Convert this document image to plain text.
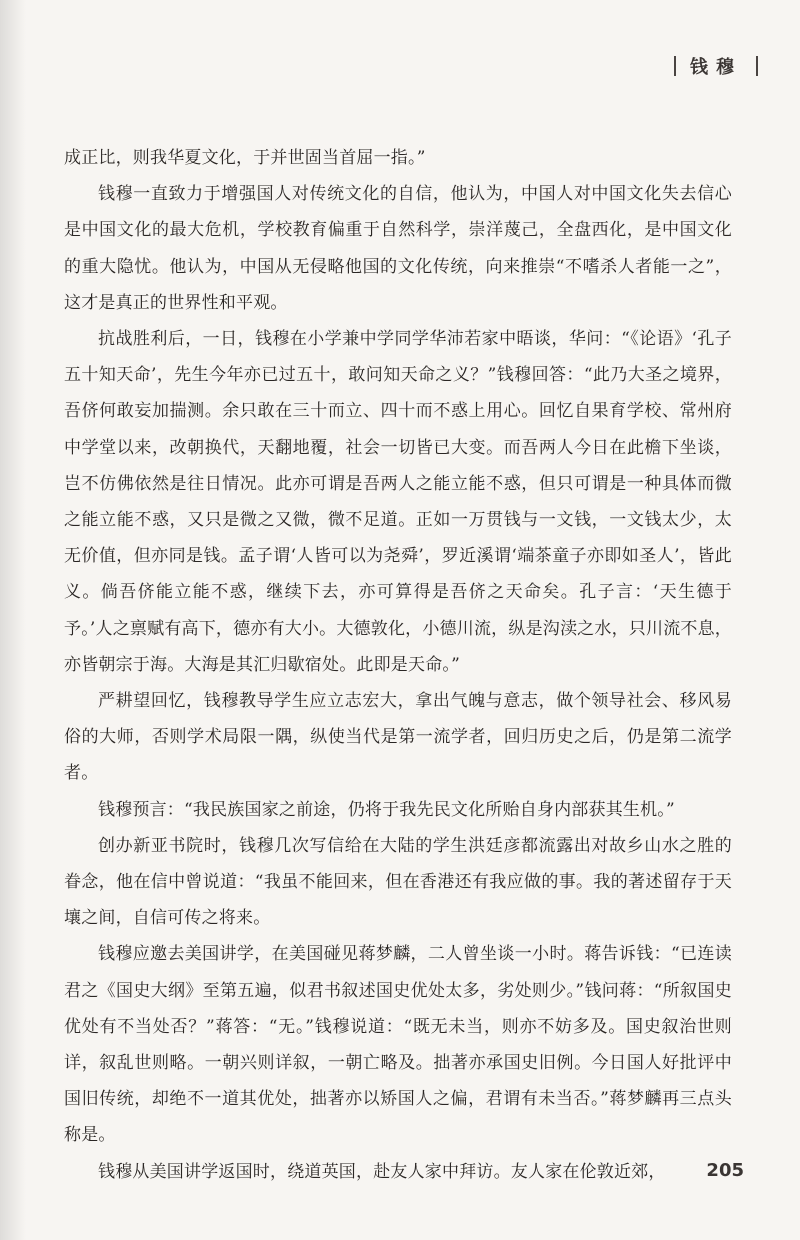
钱穆

成正比，则我华夏文化，于并世固当首屈一指。”

钱穆一直致力于增强国人对传统文化的自信，他认为，中国人对中国文化失去信心是中国文化的最大危机，学校教育偏重于自然科学，崇洋蔑己，全盘西化，是中国文化的重大隐忧。他认为，中国从无侵略他国的文化传统，向来推崇“不嗜杀人者能一之”，这才是真正的世界性和平观。

抗战胜利后，一日，钱穆在小学兼中学同学华沛若家中晤谈，华问：“《论语》‘孔子五十知天命’，先生今年亦已过五十，敢问知天命之义？”钱穆回答：“此乃大圣之境界，吾侪何敢妄加揣测。余只敢在三十而立、四十而不惑上用心。回忆自果育学校、常州府中学堂以来，改朝换代，天翻地覆，社会一切皆已大变。而吾两人今日在此檐下坐谈，岂不仿佛依然是往日情况。此亦可谓是吾两人之能立能不惑，但只可谓是一种具体而微之能立能不惑，又只是微之又微，微不足道。正如一万贯钱与一文钱，一文钱太少，太无价值，但亦同是钱。孟子谓‘人皆可以为尧舜’，罗近溪谓‘端茶童子亦即如圣人’，皆此义。倘吾侪能立能不惑，继续下去，亦可算得是吾侪之天命矣。孔子言：‘天生德于予。’人之禀赋有高下，德亦有大小。大德敦化，小德川流，纵是沟渎之水，只川流不息，亦皆朝宗于海。大海是其汇归歇宿处。此即是天命。”

严耕望回忆，钱穆教导学生应立志宏大，拿出气魄与意志，做个领导社会、移风易俗的大师，否则学术局限一隅，纵使当代是第一流学者，回归历史之后，仍是第二流学者。

钱穆预言：“我民族国家之前途，仍将于我先民文化所贻自身内部获其生机。”

创办新亚书院时，钱穆几次写信给在大陆的学生洪廷彦都流露出对故乡山水之胜的眷念，他在信中曾说道：“我虽不能回来，但在香港还有我应做的事。我的著述留存于天壤之间，自信可传之将来。

钱穆应邀去美国讲学，在美国碰见蒋梦麟，二人曾坐谈一小时。蒋告诉钱：“已连读君之《国史大纲》至第五遍，似君书叙述国史优处太多，劣处则少。”钱问蒋：“所叙国史优处有不当处否？”蒋答：“无。”钱穆说道：“既无未当，则亦不妨多及。国史叙治世则详，叙乱世则略。一朝兴则详叙，一朝亡略及。拙著亦承国史旧例。今日国人好批评中国旧传统，却绝不一道其优处，拙著亦以矫国人之偏，君谓有未当否。”蒋梦麟再三点头称是。

钱穆从美国讲学返国时，绕道英国，赴友人家中拜访。友人家在伦敦近郊，	205
